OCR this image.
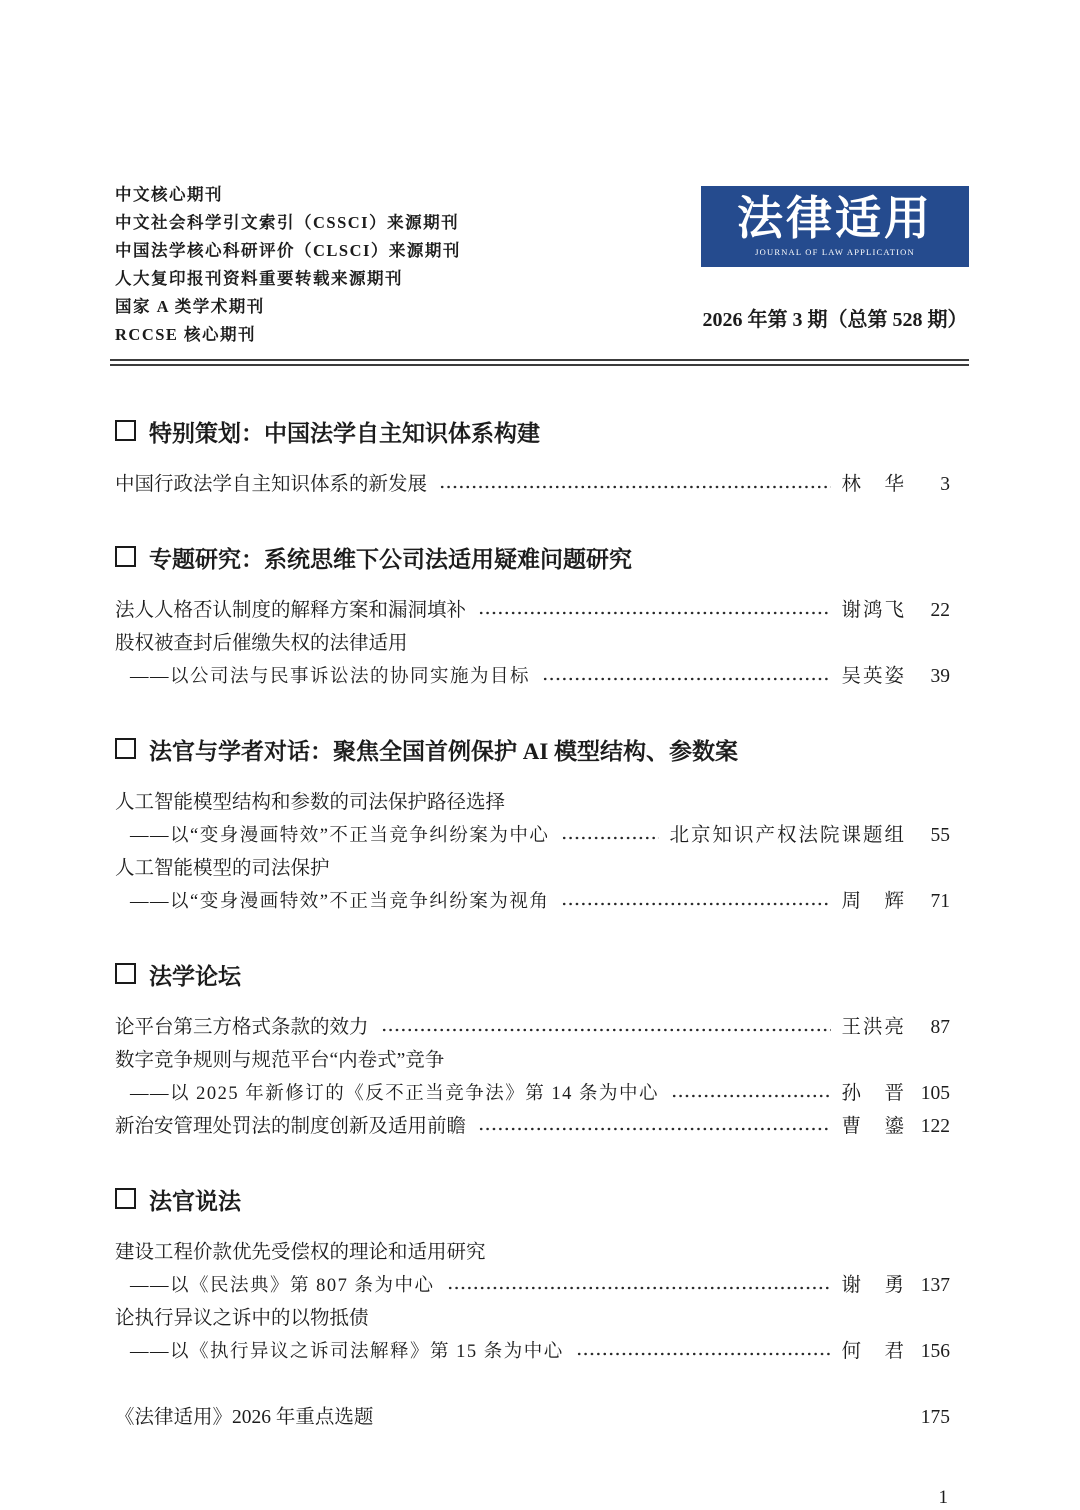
中文核心期刊
中文社会科学引文索引（CSSCI）来源期刊
中国法学核心科研评价（CLSCI）来源期刊
人大复印报刊资料重要转载来源期刊
国家 A 类学术期刊
RCCSE 核心期刊
法律适用
JOURNAL OF LAW APPLICATION
2026 年第 3 期（总第 528 期）
特别策划：中国法学自主知识体系构建
中国行政法学自主知识体系的新发展	林　华	3
专题研究：系统思维下公司法适用疑难问题研究
法人人格否认制度的解释方案和漏洞填补	谢鸿飞	22
股权被查封后催缴失权的法律适用
——以公司法与民事诉讼法的协同实施为目标	吴英姿	39
法官与学者对话：聚焦全国首例保护 AI 模型结构、参数案
人工智能模型结构和参数的司法保护路径选择
——以“变身漫画特效”不正当竞争纠纷案为中心	北京知识产权法院课题组	55
人工智能模型的司法保护
——以“变身漫画特效”不正当竞争纠纷案为视角	周　辉	71
法学论坛
论平台第三方格式条款的效力	王洪亮	87
数字竞争规则与规范平台“内卷式”竞争
——以 2025 年新修订的《反不正当竞争法》第 14 条为中心	孙　晋 105
新治安管理处罚法的制度创新及适用前瞻	曹　鎏 122
法官说法
建设工程价款优先受偿权的理论和适用研究
——以《民法典》第 807 条为中心	谢　勇 137
论执行异议之诉中的以物抵债
——以《执行异议之诉司法解释》第 15 条为中心	何　君 156
《法律适用》2026 年重点选题	175
1
